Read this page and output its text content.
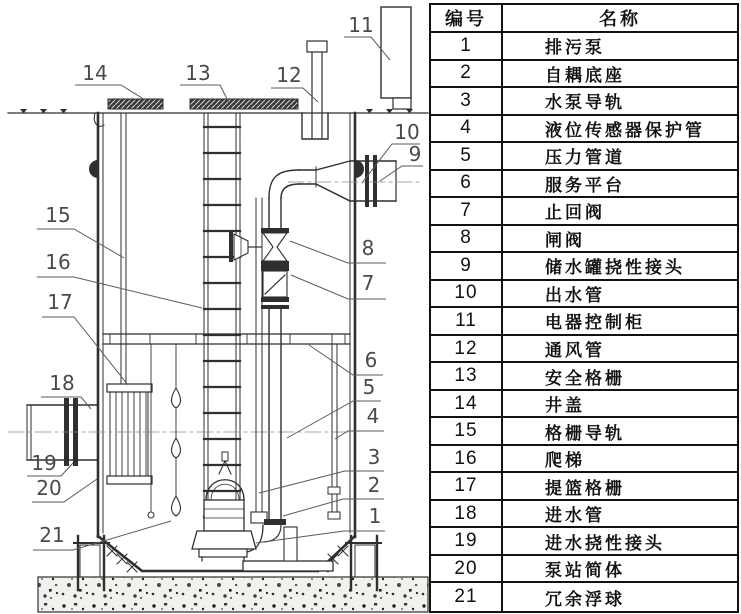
14	13	12
11
10
9
15
16
17
18
19
20
21
8
7
6
5
4
3
2
1
编号	名称
1	排污泵
2	自耦底座
3	水泵导轨
4	液位传感器保护管
5	压力管道
6	服务平台
7	止回阀
8	闸阀
9	储水罐挠性接头
10	出水管
11	电器控制柜
12	通风管
13	安全格栅
14	井盖
15	格栅导轨
16	爬梯
17	提篮格栅
18	进水管
19	进水挠性接头
20	泵站简体
21	冗余浮球
